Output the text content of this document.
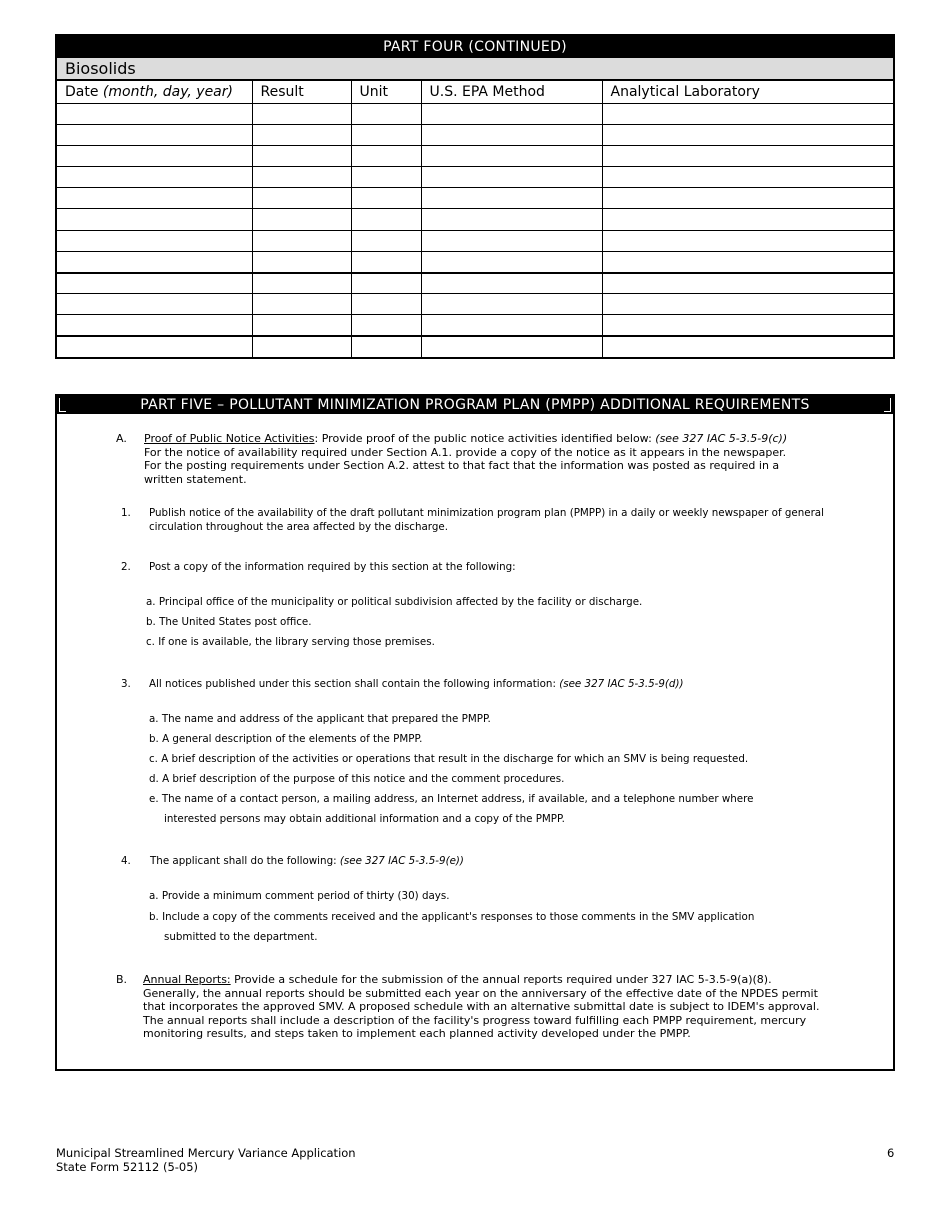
PART FOUR (CONTINUED)
Biosolids
Date (month, day, year)	Result	Unit	U.S. EPA Method	Analytical Laboratory

PART FIVE – POLLUTANT MINIMIZATION PROGRAM PLAN (PMPP) ADDITIONAL REQUIREMENTS
A. Proof of Public Notice Activities: Provide proof of the public notice activities identified below: (see 327 IAC 5-3.5-9(c))
For the notice of availability required under Section A.1. provide a copy of the notice as it appears in the newspaper.
For the posting requirements under Section A.2. attest to that fact that the information was posted as required in a
written statement.
1. Publish notice of the availability of the draft pollutant minimization program plan (PMPP) in a daily or weekly newspaper of general
circulation throughout the area affected by the discharge.
2. Post a copy of the information required by this section at the following:
a. Principal office of the municipality or political subdivision affected by the facility or discharge.
b. The United States post office.
c. If one is available, the library serving those premises.
3. All notices published under this section shall contain the following information: (see 327 IAC 5-3.5-9(d))
a. The name and address of the applicant that prepared the PMPP.
b. A general description of the elements of the PMPP.
c. A brief description of the activities or operations that result in the discharge for which an SMV is being requested.
d. A brief description of the purpose of this notice and the comment procedures.
e. The name of a contact person, a mailing address, an Internet address, if available, and a telephone number where
interested persons may obtain additional information and a copy of the PMPP.
4. The applicant shall do the following: (see 327 IAC 5-3.5-9(e))
a. Provide a minimum comment period of thirty (30) days.
b. Include a copy of the comments received and the applicant's responses to those comments in the SMV application
submitted to the department.
B. Annual Reports: Provide a schedule for the submission of the annual reports required under 327 IAC 5-3.5-9(a)(8).
Generally, the annual reports should be submitted each year on the anniversary of the effective date of the NPDES permit
that incorporates the approved SMV. A proposed schedule with an alternative submittal date is subject to IDEM's approval.
The annual reports shall include a description of the facility's progress toward fulfilling each PMPP requirement, mercury
monitoring results, and steps taken to implement each planned activity developed under the PMPP.
Municipal Streamlined Mercury Variance Application
State Form 52112 (5-05)
6
